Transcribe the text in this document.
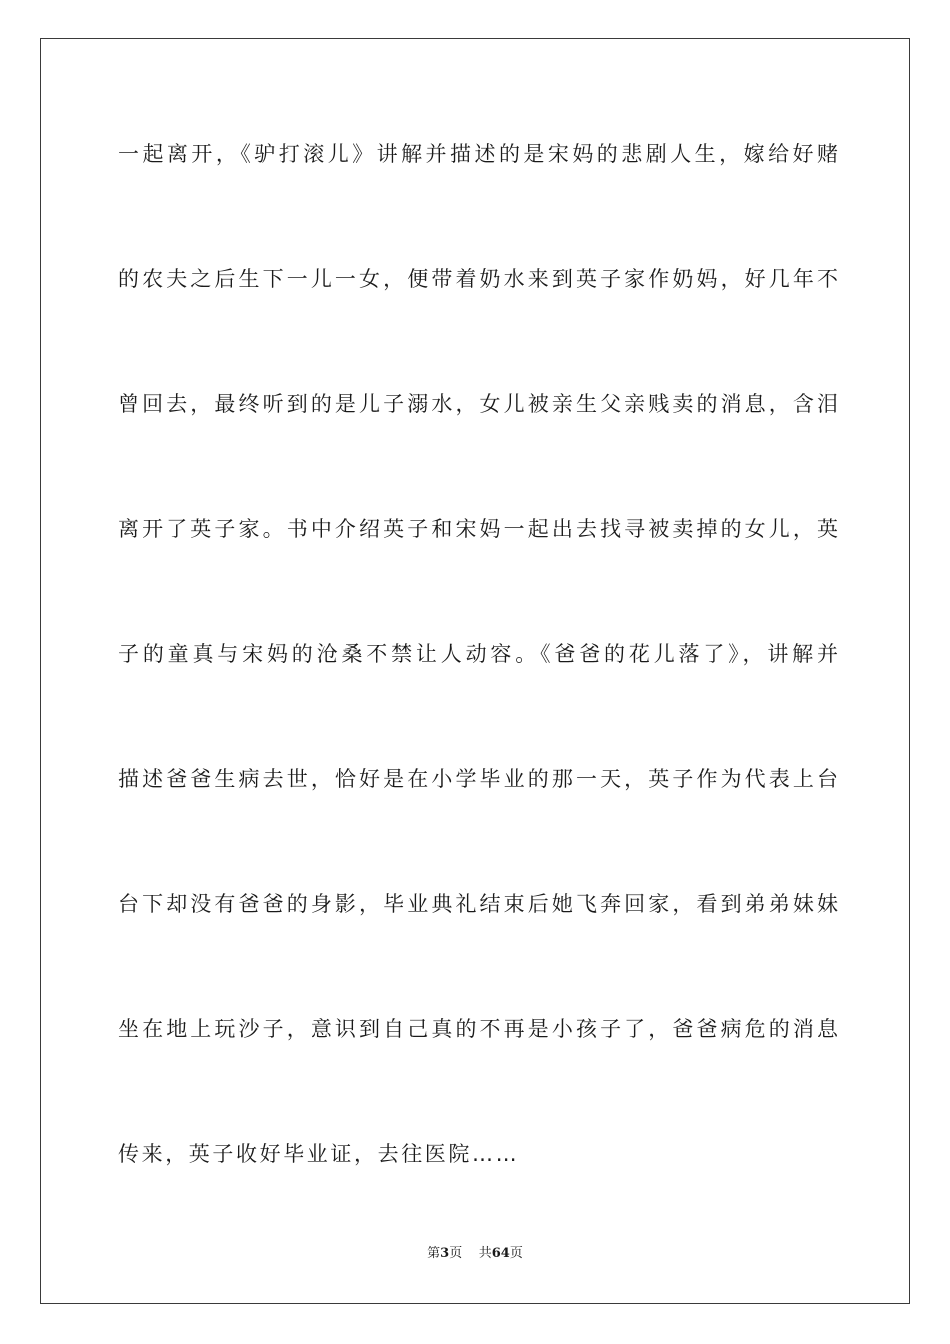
一起离开，《驴打滚儿》讲解并描述的是宋妈的悲剧人生，嫁给好赌
的农夫之后生下一儿一女，便带着奶水来到英子家作奶妈，好几年不
曾回去，最终听到的是儿子溺水，女儿被亲生父亲贱卖的消息，含泪
离开了英子家。书中介绍英子和宋妈一起出去找寻被卖掉的女儿，英
子的童真与宋妈的沧桑不禁让人动容。《爸爸的花儿落了》，讲解并
描述爸爸生病去世，恰好是在小学毕业的那一天，英子作为代表上台
台下却没有爸爸的身影，毕业典礼结束后她飞奔回家，看到弟弟妹妹
坐在地上玩沙子，意识到自己真的不再是小孩子了，爸爸病危的消息
传来，英子收好毕业证，去往医院……
第3页 共64页
